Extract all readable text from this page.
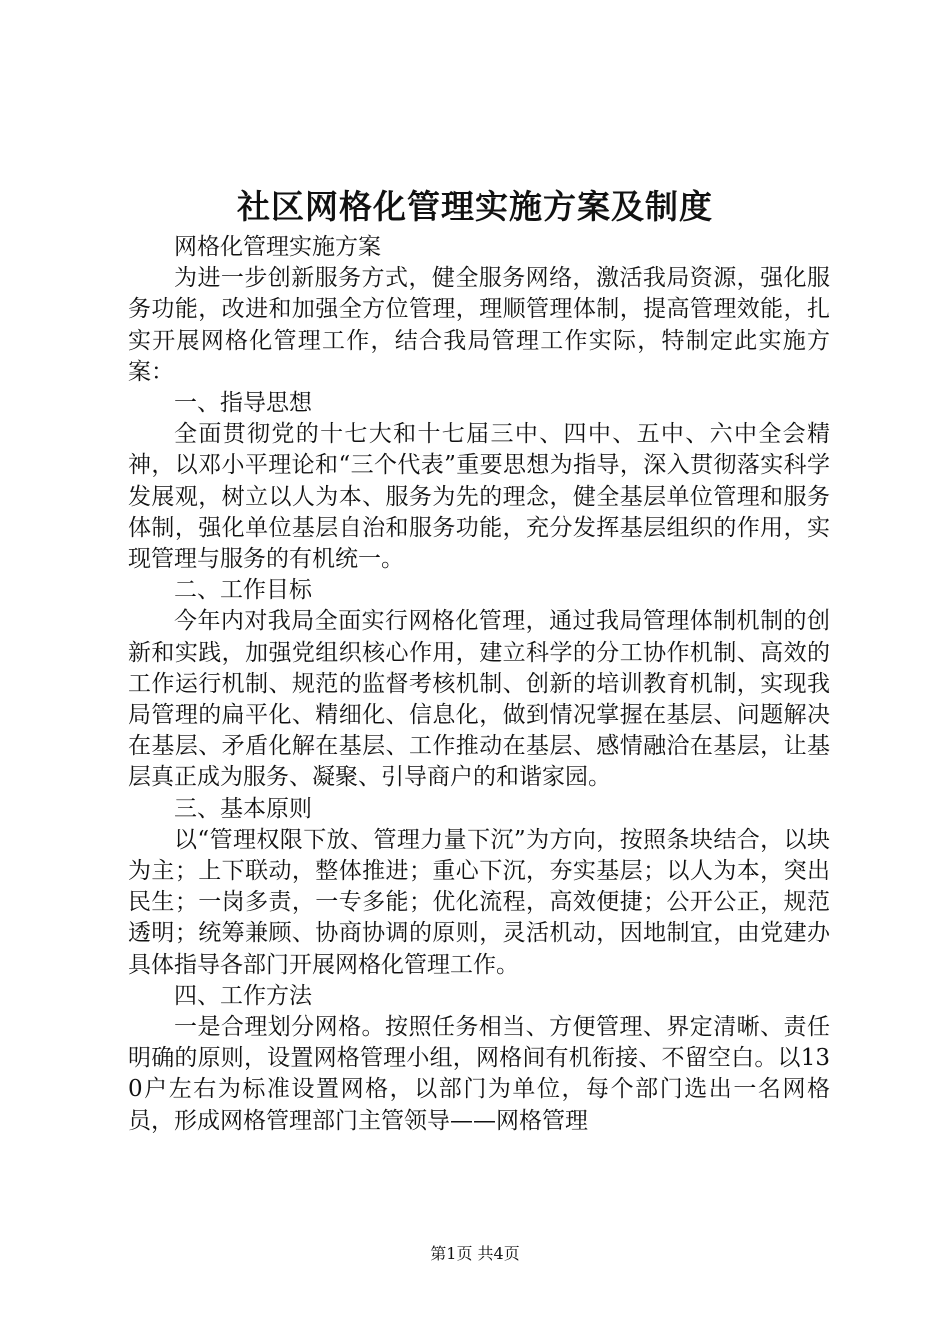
社区网格化管理实施方案及制度

网格化管理实施方案

为进一步创新服务方式，健全服务网络，激活我局资源，强化服务功能，改进和加强全方位管理，理顺管理体制，提高管理效能，扎实开展网格化管理工作，结合我局管理工作实际，特制定此实施方案：

一、指导思想

全面贯彻党的十七大和十七届三中、四中、五中、六中全会精神，以邓小平理论和“三个代表”重要思想为指导，深入贯彻落实科学发展观，树立以人为本、服务为先的理念，健全基层单位管理和服务体制，强化单位基层自治和服务功能，充分发挥基层组织的作用，实现管理与服务的有机统一。

二、工作目标

今年内对我局全面实行网格化管理，通过我局管理体制机制的创新和实践，加强党组织核心作用，建立科学的分工协作机制、高效的工作运行机制、规范的监督考核机制、创新的培训教育机制，实现我局管理的扁平化、精细化、信息化，做到情况掌握在基层、问题解决在基层、矛盾化解在基层、工作推动在基层、感情融洽在基层，让基层真正成为服务、凝聚、引导商户的和谐家园。

三、基本原则

以“管理权限下放、管理力量下沉”为方向，按照条块结合，以块为主；上下联动，整体推进；重心下沉，夯实基层；以人为本，突出民生；一岗多责，一专多能；优化流程，高效便捷；公开公正，规范透明；统筹兼顾、协商协调的原则，灵活机动，因地制宜，由党建办具体指导各部门开展网格化管理工作。

四、工作方法

一是合理划分网格。按照任务相当、方便管理、界定清晰、责任明确的原则，设置网格管理小组，网格间有机衔接、不留空白。以130户左右为标准设置网格，以部门为单位，每个部门选出一名网格员，形成网格管理部门主管领导——网格管理

第1页 共4页
